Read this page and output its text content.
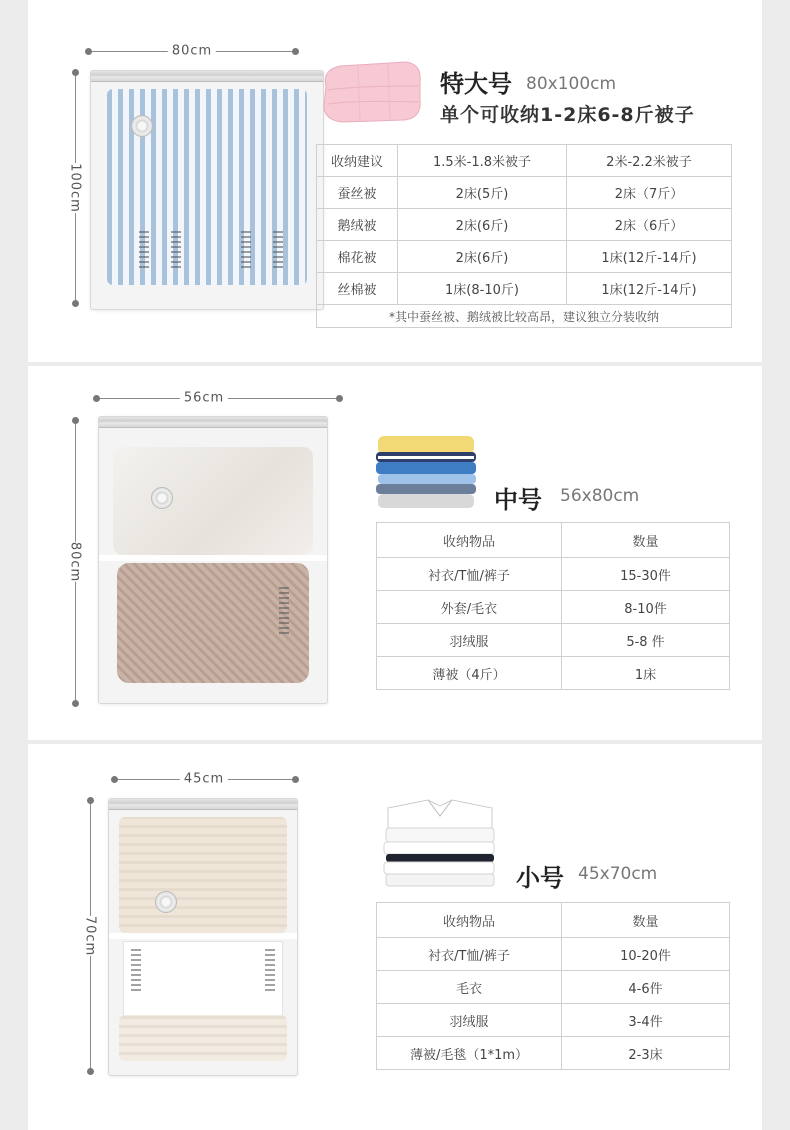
80cm
100cm
特大号 80x100cm
单个可收纳1-2床6-8斤被子
收纳建议	1.5米-1.8米被子	2米-2.2米被子
蚕丝被	2床(5斤)	2床（7斤）
鹅绒被	2床(6斤)	2床（6斤）
棉花被	2床(6斤)	1床(12斤-14斤)
丝棉被	1床(8-10斤)	1床(12斤-14斤)
*其中蚕丝被、鹅绒被比较高昂，建议独立分装收纳		
56cm
80cm
中号 56x80cm
收纳物品	数量
衬衣/T恤/裤子	15-30件
外套/毛衣	8-10件
羽绒服	5-8 件
薄被（4斤）	1床
45cm
70cm
小号 45x70cm
收纳物品	数量
衬衣/T恤/裤子	10-20件
毛衣	4-6件
羽绒服	3-4件
薄被/毛毯（1*1m）	2-3床
